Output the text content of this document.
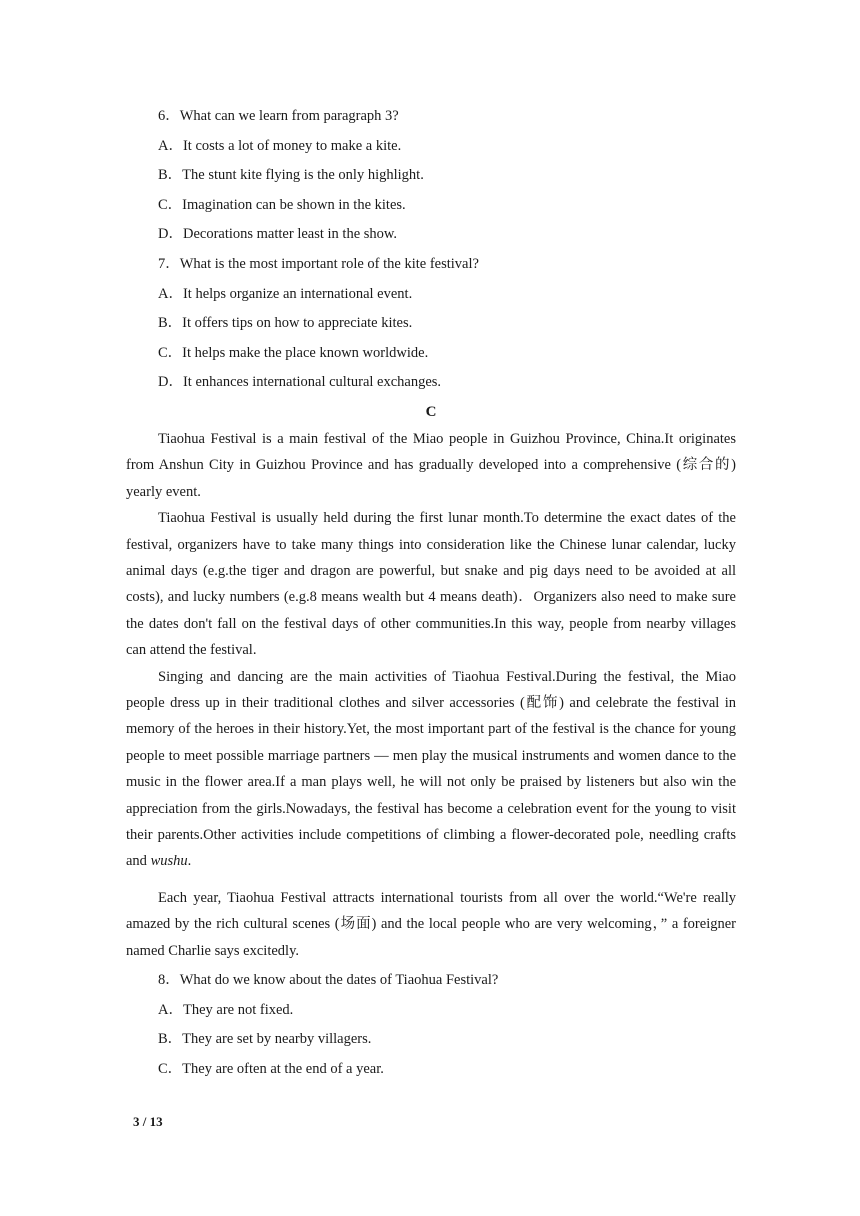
6．What can we learn from paragraph 3?

A．It costs a lot of money to make a kite.

B．The stunt kite flying is the only highlight.

C．Imagination can be shown in the kites.

D．Decorations matter least in the show.

7．What is the most important role of the kite festival?

A．It helps organize an international event.

B．It offers tips on how to appreciate kites.

C．It helps make the place known worldwide.

D．It enhances international cultural exchanges.

C

Tiaohua Festival is a main festival of the Miao people in Guizhou Province, China.It originates from Anshun City in Guizhou Province and has gradually developed into a comprehensive (综合的) yearly event.

Tiaohua Festival is usually held during the first lunar month.To determine the exact dates of the festival, organizers have to take many things into consideration like the Chinese lunar calendar, lucky animal days (e.g.the tiger and dragon are powerful, but snake and pig days need to be avoided at all costs), and lucky numbers (e.g.8 means wealth but 4 means death)．Organizers also need to make sure the dates don't fall on the festival days of other communities.In this way, people from nearby villages can attend the festival.

Singing and dancing are the main activities of Tiaohua Festival.During the festival, the Miao people dress up in their traditional clothes and silver accessories (配饰) and celebrate the festival in memory of the heroes in their history.Yet, the most important part of the festival is the chance for young people to meet possible marriage partners — men play the musical instruments and women dance to the music in the flower area.If a man plays well, he will not only be praised by listeners but also win the appreciation from the girls.Nowadays, the festival has become a celebration event for the young to visit their parents.Other activities include competitions of climbing a flower-decorated pole, needling crafts and wushu.

Each year, Tiaohua Festival attracts international tourists from all over the world.“We're really amazed by the rich cultural scenes (场面) and the local people who are very welcoming，” a foreigner named Charlie says excitedly.

8．What do we know about the dates of Tiaohua Festival?

A．They are not fixed.

B．They are set by nearby villagers.

C．They are often at the end of a year.

3 / 13
